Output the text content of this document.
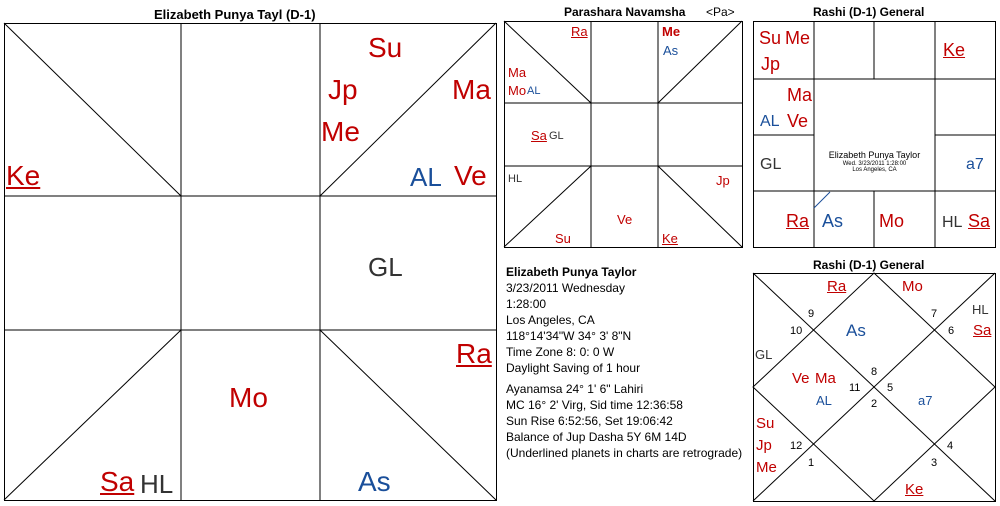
Elizabeth Punya Tayl (D-1)
Su
Jp
Me
Ma
AL Ve
Ke
GL
Ra
Mo
Sa HL	As
Parashara Navamsha <Pa>
Ra	Me
As
Ma
Mo AL
Sa GL
HL	Jp
Ve
Su	Ke
Rashi (D-1) General
Su Me
Jp
Ke
Ma
AL Ve
GL	a7
Ra As Mo HL Sa
Elizabeth Punya Taylor
Wed. 3/23/2011 1:28:00
Los Angeles, CA
Rashi (D-1) General
Ra	Mo
HL
Sa
As
GL
Ve Ma
AL	a7
Su
Jp
Me
Ke
9
10
7
6
8
11 5
2
12
1
4
3
Elizabeth Punya Taylor
3/23/2011 Wednesday
1:28:00
Los Angeles, CA
118°14'34"W 34° 3' 8"N
Time Zone 8: 0: 0 W
Daylight Saving of 1 hour
Ayanamsa 24° 1' 6" Lahiri
MC 16° 2' Virg, Sid time 12:36:58
Sun Rise 6:52:56, Set 19:06:42
Balance of Jup Dasha 5Y 6M 14D
(Underlined planets in charts are retrograde)
